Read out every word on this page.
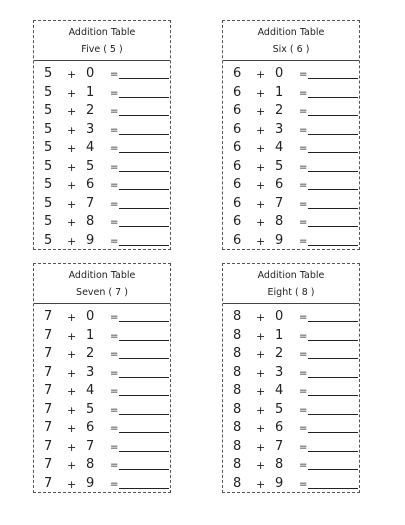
Addition Table
Five ( 5 )
5 + 0 =
5 + 1 =
5 + 2 =
5 + 3 =
5 + 4 =
5 + 5 =
5 + 6 =
5 + 7 =
5 + 8 =
5 + 9 =
Addition Table
Six ( 6 )
6 + 0 =
6 + 1 =
6 + 2 =
6 + 3 =
6 + 4 =
6 + 5 =
6 + 6 =
6 + 7 =
6 + 8 =
6 + 9 =
Addition Table
Seven ( 7 )
7 + 0 =
7 + 1 =
7 + 2 =
7 + 3 =
7 + 4 =
7 + 5 =
7 + 6 =
7 + 7 =
7 + 8 =
7 + 9 =
Addition Table
Eight ( 8 )
8 + 0 =
8 + 1 =
8 + 2 =
8 + 3 =
8 + 4 =
8 + 5 =
8 + 6 =
8 + 7 =
8 + 8 =
8 + 9 =
